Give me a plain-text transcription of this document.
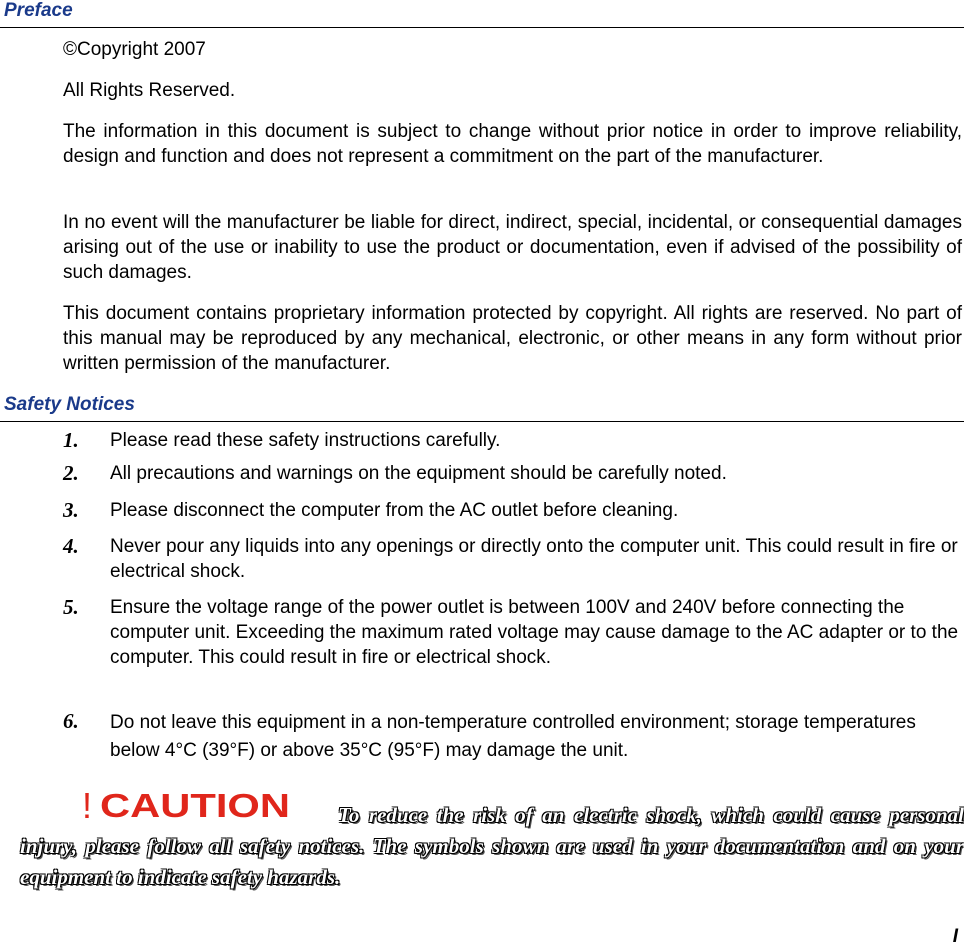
Preface
©Copyright 2007
All Rights Reserved.
The information in this document is subject to change without prior notice in order to improve reliability, design and function and does not represent a commitment on the part of the manufacturer.
In no event will the manufacturer be liable for direct, indirect, special, incidental, or consequential damages arising out of the use or inability to use the product or documentation, even if advised of the possibility of such damages.
This document contains proprietary information protected by copyright. All rights are reserved. No part of this manual may be reproduced by any mechanical, electronic, or other means in any form without prior written permission of the manufacturer.
Safety Notices
1. Please read these safety instructions carefully.
2. All precautions and warnings on the equipment should be carefully noted.
3. Please disconnect the computer from the AC outlet before cleaning.
4. Never pour any liquids into any openings or directly onto the computer unit. This could result in fire or electrical shock.
5. Ensure the voltage range of the power outlet is between 100V and 240V before connecting the computer unit. Exceeding the maximum rated voltage may cause damage to the AC adapter or to the computer. This could result in fire or electrical shock.
6. Do not leave this equipment in a non-temperature controlled environment; storage temperatures below 4°C (39°F) or above 35°C (95°F) may damage the unit.
! CAUTION	To reduce the risk of an electric shock, which could cause personal injury, please follow all safety notices. The symbols shown are used in your documentation and on your equipment to indicate safety hazards.
I
